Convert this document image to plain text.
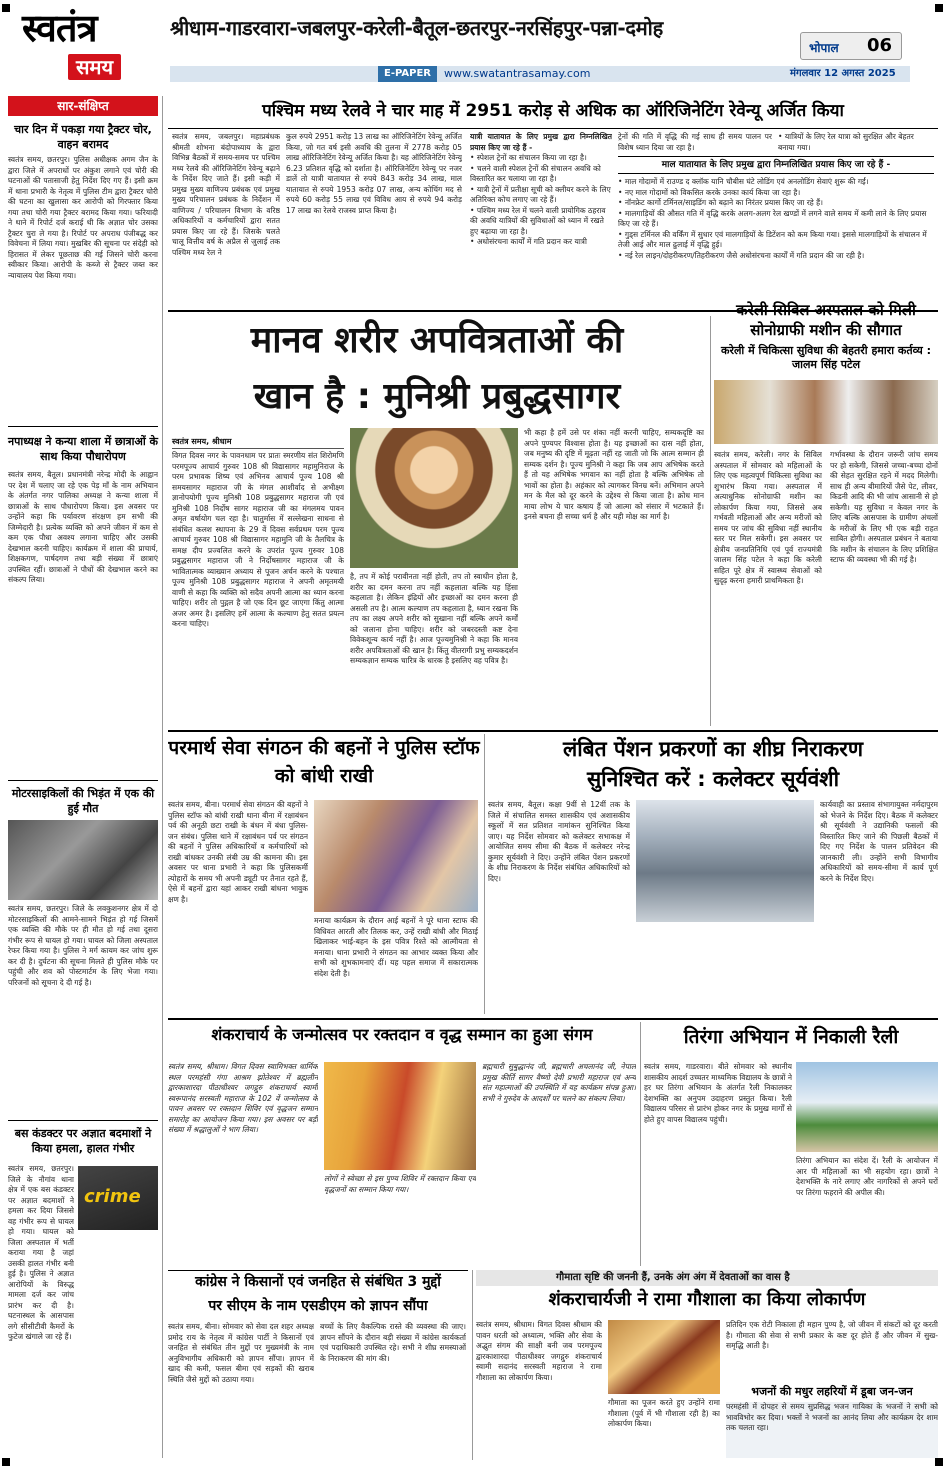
स्वतंत्र
समय
श्रीधाम-गाडरवारा-जबलपुर-करेली-बैतूल-छतरपुर-नरसिंहपुर-पन्ना-दमोह
भोपाल 06
E-PAPER	www.swatantrasamay.com	मंगलवार 12 अगस्त 2025
सार-संक्षिप्त
चार दिन में पकड़ा गया ट्रैक्टर चोर, वाहन बरामद
स्वतंत्र समय, छतरपुर। पुलिस अधीक्षक अगम जैन के द्वारा जिले में अपराधों पर अंकुश लगाने एवं चोरी की घटनाओं की पतासाजी हेतु निर्देश दिए गए हैं। इसी क्रम में थाना प्रभारी के नेतृत्व में पुलिस टीम द्वारा ट्रैक्टर चोरी की घटना का खुलासा कर आरोपी को गिरफ्तार किया गया तथा चोरी गया ट्रैक्टर बरामद किया गया। फरियादी ने थाने में रिपोर्ट दर्ज कराई थी कि अज्ञात चोर उसका ट्रैक्टर चुरा ले गया है। रिपोर्ट पर अपराध पंजीबद्ध कर विवेचना में लिया गया। मुखबिर की सूचना पर संदेही को हिरासत में लेकर पूछताछ की गई जिसने चोरी करना स्वीकार किया। आरोपी के कब्जे से ट्रैक्टर जब्त कर न्यायालय पेश किया गया।
नपाध्यक्ष ने कन्या शाला में छात्राओं के साथ किया पौधारोपण
स्वतंत्र समय, बैतूल। प्रधानमंत्री नरेन्द्र मोदी के आह्वान पर देश में चलाए जा रहे एक पेड़ माँ के नाम अभियान के अंतर्गत नगर पालिका अध्यक्ष ने कन्या शाला में छात्राओं के साथ पौधारोपण किया। इस अवसर पर उन्होंने कहा कि पर्यावरण संरक्षण हम सभी की जिम्मेदारी है। प्रत्येक व्यक्ति को अपने जीवन में कम से कम एक पौधा अवश्य लगाना चाहिए और उसकी देखभाल करनी चाहिए। कार्यक्रम में शाला की प्राचार्य, शिक्षकगण, पार्षदगण तथा बड़ी संख्या में छात्राएं उपस्थित रहीं। छात्राओं ने पौधों की देखभाल करने का संकल्प लिया।
मोटरसाइकिलों की भिड़ंत में एक की हुई मौत
स्वतंत्र समय, छतरपुर। जिले के लवकुशनगर क्षेत्र में दो मोटरसाइकिलों की आमने-सामने भिड़ंत हो गई जिसमें एक व्यक्ति की मौके पर ही मौत हो गई तथा दूसरा गंभीर रूप से घायल हो गया। घायल को जिला अस्पताल रेफर किया गया है। पुलिस ने मर्ग कायम कर जांच शुरू कर दी है। दुर्घटना की सूचना मिलते ही पुलिस मौके पर पहुंची और शव को पोस्टमार्टम के लिए भेजा गया। परिजनों को सूचना दे दी गई है।
बस कंडक्टर पर अज्ञात बदमाशों ने किया हमला, हालत गंभीर
crime
स्वतंत्र समय, छतरपुर। जिले के नौगांव थाना क्षेत्र में एक बस कंडक्टर पर अज्ञात बदमाशों ने हमला कर दिया जिससे वह गंभीर रूप से घायल हो गया। घायल को जिला अस्पताल में भर्ती कराया गया है जहां उसकी हालत गंभीर बनी हुई है। पुलिस ने अज्ञात आरोपियों के विरुद्ध मामला दर्ज कर जांच प्रारंभ कर दी है। घटनास्थल के आसपास लगे सीसीटीवी कैमरों के फुटेज खंगाले जा रहे हैं।
पश्चिम मध्य रेलवे ने चार माह में 2951 करोड़ से अधिक का ऑरिजिनेटिंग रेवेन्यू अर्जित किया
स्वतंत्र समय, जबलपुर। महाप्रबंधक श्रीमती शोभना बंदोपाध्याय के द्वारा विभिन्न बैठकों में समय-समय पर पश्चिम मध्य रेलवे की ऑरिजिनेटिंग रेवेन्यू बढ़ाने के निर्देश दिए जाते हैं। इसी कड़ी में प्रमुख मुख्य वाणिज्य प्रबंधक एवं प्रमुख मुख्य परिचालन प्रबंधक के निर्देशन में वाणिज्य / परिचालन विभाग के वरिष्ठ अधिकारियों व कर्मचारियों द्वारा सतत प्रयास किए जा रहे हैं। जिसके चलते चालू वित्तीय वर्ष के अप्रैल से जुलाई तक पश्चिम मध्य रेल ने
कुल रुपये 2951 करोड़ 13 लाख का ऑरिजिनेटिंग रेवेन्यू अर्जित किया, जो गत वर्ष इसी अवधि की तुलना में 2778 करोड़ 05 लाख ऑरिजिनेटिंग रेवेन्यू अर्जित किया है। यह ऑरिजिनेटिंग रेवेन्यू 6.23 प्रतिशत वृद्धि को दर्शाता है। ऑरिजिनेटिंग रेवेन्यू पर नजर डालें तो यात्री यातायात से रुपये 843 करोड़ 34 लाख, माल यातायात से रुपये 1953 करोड़ 07 लाख, अन्य कोचिंग मद से रुपये 60 करोड़ 55 लाख एवं विविध आय से रुपये 94 करोड़ 17 लाख का रेलवे राजस्व प्राप्त किया है।
यात्री यातायात के लिए प्रमुख द्वारा निम्नलिखित प्रयास किए जा रहे हैं -
• स्पेशल ट्रेनों का संचालन किया जा रहा है।
• चलने वाली स्पेशल ट्रेनों की संचालन अवधि को विस्तारित कर चलाया जा रहा है।
• यात्री ट्रेनों में प्रतीक्षा सूची को क्लीयर करने के लिए अतिरिक्त कोच लगाए जा रहे हैं।
• पश्चिम मध्य रेल में चलने वाली प्रायोगिक ठहराव की अवधि यात्रियों की सुविधाओं को ध्यान में रखते हुए बढ़ाया जा रहा है।
• अधोसंरचना कार्यों में गति प्रदान कर यात्री
ट्रेनों की गति में वृद्धि की गई साथ ही समय पालन पर विशेष ध्यान दिया जा रहा है।
• यात्रियों के लिए रेल यात्रा को सुरक्षित और बेहतर बनाया गया।
माल यातायात के लिए प्रमुख द्वारा निम्नलिखित प्रयास किए जा रहे हैं -
• माल गोदामों में राउण्ड द क्लॉक यानि चौबीस घंटे लोडिंग एवं अनलोडिंग सेवाएं शुरू की गईं।
• नए माल गोदामों को विकसित करके उनका कार्य किया जा रहा है।
• नॉनफ्रेट कार्गो टर्मिनल/साइडिंग को बढ़ाने का निरंतर प्रयास किए जा रहे हैं।
• मालगाड़ियों की औसत गति में वृद्धि करके अलग-अलग रेल खण्डों में लगने वाले समय में कमी लाने के लिए प्रयास किए जा रहे हैं।
• गुड्स टर्मिनल की वर्किंग में सुधार एवं मालगाड़ियों के डिटेंशन को कम किया गया। इससे मालगाड़ियों के संचालन में तेजी आई और माल ढुलाई में वृद्धि हुई।
• नई रेल लाइन/दोहरीकरण/तिहरीकरण जैसे अधोसंरचना कार्यों में गति प्रदान की जा रही है।
मानव शरीर अपवित्रताओं की
खान है : मुनिश्री प्रबुद्धसागर
स्वतंत्र समय, श्रीधाम
विगत दिवस नगर के पावनधाम पर प्रातः स्मरणीय संत शिरोमणि परमपूज्य आचार्य गुरुवर 108 श्री विद्यासागर महामुनिराज के परम प्रभावक शिष्य एवं अभिनव आचार्य पूज्य 108 श्री समयसागर महाराज जी के मंगल आशीर्वाद से अभीक्ष्ण ज्ञानोपयोगी पूज्य मुनिश्री 108 प्रबुद्धसागर महाराज जी एवं मुनिश्री 108 निर्दोष सागर महाराज जी का मंगलमय पावन अमृत वर्षायोग चल रहा है। चातुर्मास में सल्लेखना साधना से संबंधित कलश स्थापना के 29 वें दिवस सर्वप्रथम परम पूज्य आचार्य गुरुवर 108 श्री विद्यासागर महामुनि जी के तैलचित्र के समक्ष दीप प्रज्वलित करने के उपरांत पूज्य गुरुवर 108 प्रबुद्धसागर महाराज जी ने निर्दोषसागर महाराज जी के भावितात्मक व्याख्यान अध्याय से पूजन अर्चन करने के पश्चात पूज्य मुनिश्री 108 प्रबुद्धसागर महाराज ने अपनी अमृतमयी वाणी से कहा कि व्यक्ति को सदैव अपनी आत्मा का ध्यान करना चाहिए। शरीर तो पुद्गल है जो एक दिन छूट जाएगा किंतु आत्मा अजर अमर है। इसलिए हमें आत्मा के कल्याण हेतु सतत प्रयत्न करना चाहिए।
है, तप में कोई परावीनता नहीं होती, तप तो स्वाधीन होता है, शरीर का दमन करना तप नहीं कहलाता बल्कि यह हिंसा कहलाता है। लेकिन इंद्रियों और इच्छाओं का दमन करना ही असली तप है। आत्म कल्याण तप कहलाता है, ध्यान रखना कि तप का लक्ष्य अपने शरीर को सुखाना नहीं बल्कि अपने कर्मों को जलाना होना चाहिए। शरीर को जबरदस्ती कष्ट देना विवेकशून्य कार्य नहीं है। आज पूज्यमुनिश्री ने कहा कि मानव शरीर अपवित्रताओं की खान है। किंतु वीतरागी प्रभु सम्यकदर्शन सम्यकज्ञान सम्यक चारित्र के धारक है इसलिए वह पवित्र है।
भी कहा है हमें उसे पर शंका नहीं करनी चाहिए, सम्यकदृष्टि का अपने पुण्यपर विश्वास होता है। यह इच्छाओं का दास नहीं होता, जब मनुष्य की दृष्टि में मूढ़ता नहीं रह जाती जो कि आत्म सम्मान ही सम्यक दर्शन है। पूज्य मुनिश्री ने कहा कि जब आप अभिषेक करते हैं तो यह अभिषेक भगवान का नहीं होता है बल्कि अभिषेक तो भावों का होता है। अहंकार को त्यागकर विनम्र बनें। अभिमान अपने मन के मैल को दूर करने के उद्देश्य से किया जाता है। क्रोध मान माया लोभ ये चार कषाय हैं जो आत्मा को संसार में भटकाते हैं। इनसे बचना ही सच्चा धर्म है और यही मोक्ष का मार्ग है।
करेली सिविल अस्पताल को मिली सोनोग्राफी मशीन की सौगात
करेली में चिकित्सा सुविधा की बेहतरी हमारा कर्तव्य : जालम सिंह पटेल
स्वतंत्र समय, करेली। नगर के सिविल अस्पताल में सोमवार को महिलाओं के लिए एक महत्वपूर्ण चिकित्सा सुविधा का शुभारंभ किया गया। अस्पताल में अत्याधुनिक सोनोग्राफी मशीन का लोकार्पण किया गया, जिससे अब गर्भवती महिलाओं और अन्य मरीजों को समय पर जांच की सुविधा नहीं स्थानीय स्तर पर मिल सकेगी। इस अवसर पर क्षेत्रीय जनप्रतिनिधि एवं पूर्व राज्यमंत्री जालम सिंह पटेल ने कहा कि करेली सहित पूरे क्षेत्र में स्वास्थ्य सेवाओं को सुदृढ़ करना हमारी प्राथमिकता है।
गर्भावस्था के दौरान जरूरी जांच समय पर हो सकेगी, जिससे जच्चा-बच्चा दोनों की सेहत सुरक्षित रहने में मदद मिलेगी। साथ ही अन्य बीमारियों जैसे पेट, लीवर, किडनी आदि की भी जांच आसानी से हो सकेगी। यह सुविधा न केवल नगर के लिए बल्कि आसपास के ग्रामीण अंचलों के मरीजों के लिए भी एक बड़ी राहत साबित होगी। अस्पताल प्रबंधन ने बताया कि मशीन के संचालन के लिए प्रशिक्षित स्टाफ की व्यवस्था भी की गई है।
परमार्थ सेवा संगठन की बहनों ने पुलिस स्टॉफ को बांधी राखी
स्वतंत्र समय, बीना। परमार्थ सेवा संगठन की बहनों ने पुलिस स्टॉफ को बांधी राखी थाना बीना में रक्षाबंधन पर्व की अनूठी छटा राखी के बंधन में बंधा पुलिस-जन संबंध। पुलिस थाने में रक्षाबंधन पर्व पर संगठन की बहनों ने पुलिस अधिकारियों व कर्मचारियों को राखी बांधकर उनकी लंबी उम्र की कामना की। इस अवसर पर थाना प्रभारी ने कहा कि पुलिसकर्मी त्योहारों के समय भी अपनी ड्यूटी पर तैनात रहते हैं, ऐसे में बहनों द्वारा यहां आकर राखी बांधना भावुक क्षण है।
मनाया कार्यक्रम के दौरान आई बहनों ने पूरे थाना स्टाफ की विधिवत आरती और तिलक कर, उन्हें राखी बांधी और मिठाई खिलाकर भाई-बहन के इस पवित्र रिश्ते को आत्मीयता से मनाया। थाना प्रभारी ने संगठन का आभार व्यक्त किया और सभी को शुभकामनाएं दीं। यह पहल समाज में सकारात्मक संदेश देती है।
लंबित पेंशन प्रकरणों का शीघ्र निराकरण
सुनिश्चित करें : कलेक्टर सूर्यवंशी
स्वतंत्र समय, बैतूल। कक्षा 9वीं से 12वीं तक के जिले में संचालित समस्त शासकीय एवं अशासकीय स्कूलों में सत प्रतिशत नामांकन सुनिश्चित किया जाए। यह निर्देश सोमवार को कलेक्टर सभाकक्ष में आयोजित समय सीमा की बैठक में कलेक्टर नरेन्द्र कुमार सूर्यवंशी ने दिए। उन्होंने लंबित पेंशन प्रकरणों के शीघ्र निराकरण के निर्देश संबंधित अधिकारियों को दिए।
कार्यवाही का प्रस्ताव संभागायुक्त नर्मदापुरम को भेजने के निर्देश दिए। बैठक में कलेक्टर श्री सूर्यवंशी ने उद्यानिकी फसलों की विस्तारित किए जाने की पिछली बैठकों में दिए गए निर्देश के पालन प्रतिवेदन की जानकारी ली। उन्होंने सभी विभागीय अधिकारियों को समय-सीमा में कार्य पूर्ण करने के निर्देश दिए।
शंकराचार्य के जन्मोत्सव पर रक्तदान व वृद्ध सम्मान का हुआ संगम
स्वतंत्र समय, श्रीधाम। विगत दिवस स्वामिभक्त धार्मिक स्थल परमहंसी गंगा आश्रम झोतेश्वर में ब्रह्मलीन द्वारकाशारदा पीठाधीश्वर जगद्गुरु शंकराचार्य स्वामी स्वरूपानंद सरस्वती महाराज के 102 वें जन्मोत्सव के पावन अवसर पर रक्तदान शिविर एवं वृद्धजन सम्मान समारोह का आयोजन किया गया। इस अवसर पर बड़ी संख्या में श्रद्धालुओं ने भाग लिया।
लोगों ने स्वेच्छा से इस पुण्य शिविर में रक्तदान किया एवं वृद्धजनों का सम्मान किया गया।
ब्रह्मचारी सुबुद्धानंद जी, ब्रह्मचारी अचलानंद जी, नेपाल प्रमुख कीर्ति सागर वैष्णो देवी प्रभारी महाराज एवं अन्य संत महात्माओं की उपस्थिति में यह कार्यक्रम संपन्न हुआ। सभी ने गुरुदेव के आदर्शों पर चलने का संकल्प लिया।
तिरंगा अभियान में निकाली रैली
स्वतंत्र समय, गाडरवारा। बीते सोमवार को स्थानीय शासकीय आदर्श उच्चतर माध्यमिक विद्यालय के छात्रों ने हर घर तिरंगा अभियान के अंतर्गत रैली निकालकर देशभक्ति का अनुपम उदाहरण प्रस्तुत किया। रैली विद्यालय परिसर से प्रारंभ होकर नगर के प्रमुख मार्गों से होते हुए वापस विद्यालय पहुंची।
तिरंगा अभियान का संदेश दें। रैली के आयोजन में आर पी महिलाओं का भी सहयोग रहा। छात्रों ने देशभक्ति के नारे लगाए और नागरिकों से अपने घरों पर तिरंगा फहराने की अपील की।
कांग्रेस ने किसानों एवं जनहित से संबंधित 3 मुद्दों
पर सीएम के नाम एसडीएम को ज्ञापन सौंपा
स्वतंत्र समय, बीना। सोमवार को सेवा दल शहर अध्यक्ष प्रमोद राय के नेतृत्व में कांग्रेस पार्टी ने किसानों एवं जनहित से संबंधित तीन मुद्दों पर मुख्यमंत्री के नाम अनुविभागीय अधिकारी को ज्ञापन सौंपा। ज्ञापन में खाद की कमी, फसल बीमा एवं सड़कों की खराब स्थिति जैसे मुद्दों को उठाया गया।
बच्चों के लिए वैकल्पिक रास्ते की व्यवस्था की जाए। ज्ञापन सौंपने के दौरान बड़ी संख्या में कांग्रेस कार्यकर्ता एवं पदाधिकारी उपस्थित रहे। सभी ने शीघ्र समस्याओं के निराकरण की मांग की।
गौमाता सृष्टि की जननी हैं, उनके अंग अंग में देवताओं का वास है
शंकराचार्यजी ने रामा गौशाला का किया लोकार्पण
स्वतंत्र समय, श्रीधाम। विगत दिवस श्रीधाम की पावन धरती को अध्यात्म, भक्ति और सेवा के अद्भुत संगम की साक्षी बनी जब परमपूज्य द्वारकाशारदा पीठाधीश्वर जगद्गुरु शंकराचार्य स्वामी सदानंद सरस्वती महाराज ने रामा गौशाला का लोकार्पण किया।
गौमाता का पूजन करते हुए उन्होंने रामा गौशाला (पूर्व में भी गौशाला रही है) का लोकार्पण किया।
प्रतिदिन एक रोटी निकाला ही महान पुण्य है, जो जीवन में संकटों को दूर करती है। गौमाता की सेवा से सभी प्रकार के कष्ट दूर होते हैं और जीवन में सुख-समृद्धि आती है।
भजनों की मधुर लहरियों में डूबा जन-जन
परमहंसी में दोपहर से समय सुप्रसिद्ध भजन गायिका के भजनों ने सभी को भावविभोर कर दिया। भक्तों ने भजनों का आनंद लिया और कार्यक्रम देर शाम तक चलता रहा।
